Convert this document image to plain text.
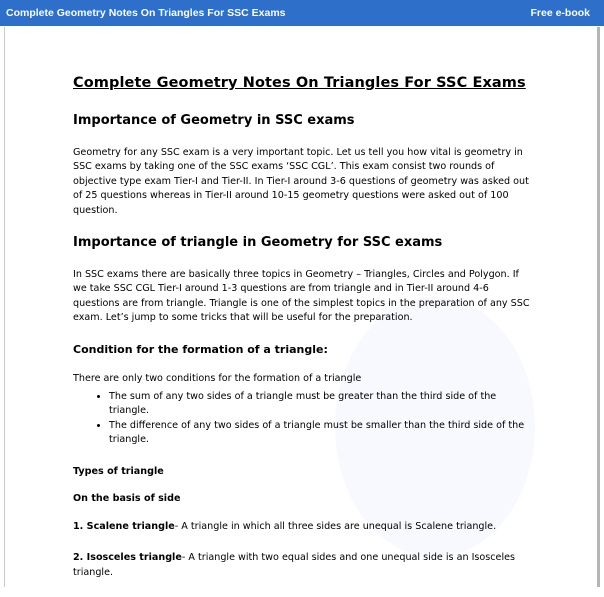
Complete Geometry Notes On Triangles For SSC Exams	Free e-book
Complete Geometry Notes On Triangles For SSC Exams
Importance of Geometry in SSC exams

Geometry for any SSC exam is a very important topic. Let us tell you how vital is geometry in SSC exams by taking one of the SSC exams ‘SSC CGL’. This exam consist two rounds of objective type exam Tier-I and Tier-II. In Tier-I around 3-6 questions of geometry was asked out of 25 questions whereas in Tier-II around 10-15 geometry questions were asked out of 100 question.

Importance of triangle in Geometry for SSC exams

In SSC exams there are basically three topics in Geometry – Triangles, Circles and Polygon. If we take SSC CGL Tier-I around 1-3 questions are from triangle and in Tier-II around 4-6 questions are from triangle. Triangle is one of the simplest topics in the preparation of any SSC exam. Let’s jump to some tricks that will be useful for the preparation.

Condition for the formation of a triangle:

There are only two conditions for the formation of a triangle

• The sum of any two sides of a triangle must be greater than the third side of the triangle.
• The difference of any two sides of a triangle must be smaller than the third side of the triangle.
Types of triangle
On the basis of side

1. Scalene triangle- A triangle in which all three sides are unequal is Scalene triangle.

2. Isosceles triangle- A triangle with two equal sides and one unequal side is an Isosceles triangle.
